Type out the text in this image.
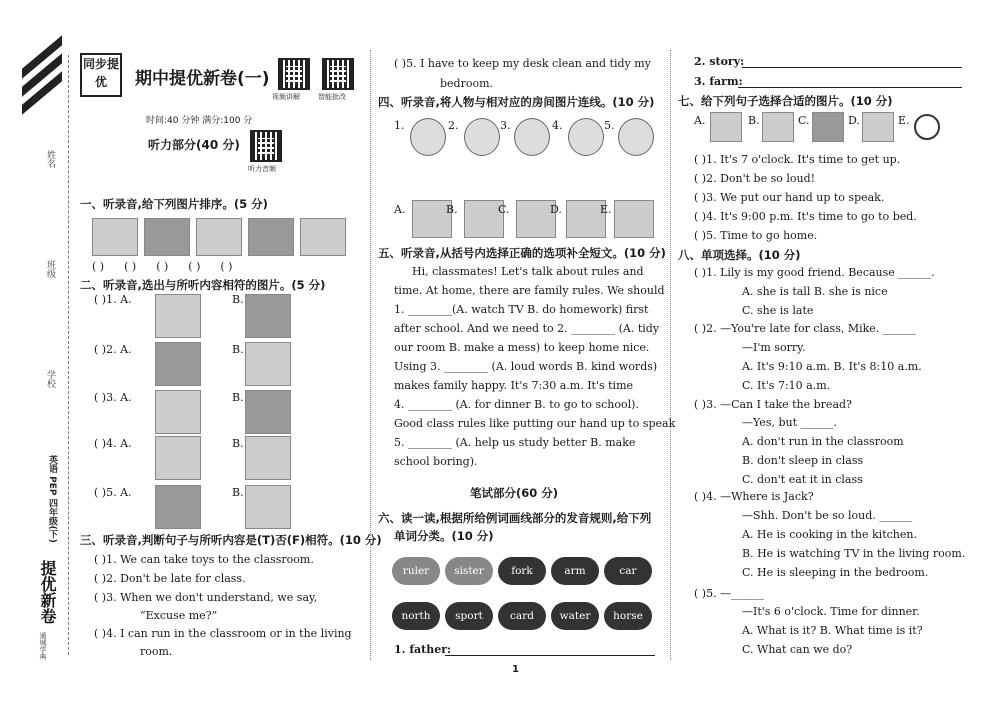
姓名
班级
学校
英语 PEP 四年级(下)
提优新卷
通城学典
同步提优	期中提优新卷(一)
视频讲解	智能批改
时间:40 分钟 满分:100 分
听力部分(40 分)
听力音频
一、听录音,给下列图片排序。(5 分)
( ) ( ) ( ) ( ) ( )
二、听录音,选出与所听内容相符的图片。(5 分)
( )1. A.	B.
( )2. A.	B.
( )3. A.	B.
( )4. A.	B.
( )5. A.	B.
三、听录音,判断句子与所听内容是(T)否(F)相符。(10 分)
( )1. We can take toys to the classroom.
( )2. Don't be late for class.
( )3. When we don't understand, we say,
“Excuse me?”
( )4. I can run in the classroom or in the living
room.
( )5. I have to keep my desk clean and tidy my
bedroom.
四、听录音,将人物与相对应的房间图片连线。(10 分)
1.	2.	3.	4.	5.
A.	B.	C.	D.	E.
五、听录音,从括号内选择正确的选项补全短文。(10 分)
Hi, classmates! Let's talk about rules and
time. At home, there are family rules. We should
1. ________(A. watch TV B. do homework) first
after school. And we need to 2. ________ (A. tidy
our room B. make a mess) to keep home nice.
Using 3. ________ (A. loud words B. kind words)
makes family happy. It's 7:30 a.m. It's time
4. ________ (A. for dinner B. to go to school).
Good class rules like putting our hand up to speak
5. ________ (A. help us study better B. make
school boring).
笔试部分(60 分)
六、读一读,根据所给例词画线部分的发音规则,给下列
单词分类。(10 分)
ruler	sister	fork	arm	car
north	sport	card	water	horse
1. father:
1
2. story:
3. farm:
七、给下列句子选择合适的图片。(10 分)
A.	B.	C.	D.	E.
( )1. It's 7 o'clock. It's time to get up.
( )2. Don't be so loud!
( )3. We put our hand up to speak.
( )4. It's 9:00 p.m. It's time to go to bed.
( )5. Time to go home.
八、单项选择。(10 分)
( )1. Lily is my good friend. Because ______.
A. she is tall B. she is nice
C. she is late
( )2. —You're late for class, Mike. ______
—I'm sorry.
A. It's 9:10 a.m. B. It's 8:10 a.m.
C. It's 7:10 a.m.
( )3. —Can I take the bread?
—Yes, but ______.
A. don't run in the classroom
B. don't sleep in class
C. don't eat it in class
( )4. —Where is Jack?
—Shh. Don't be so loud. ______
A. He is cooking in the kitchen.
B. He is watching TV in the living room.
C. He is sleeping in the bedroom.
( )5. —______
—It's 6 o'clock. Time for dinner.
A. What is it? B. What time is it?
C. What can we do?
